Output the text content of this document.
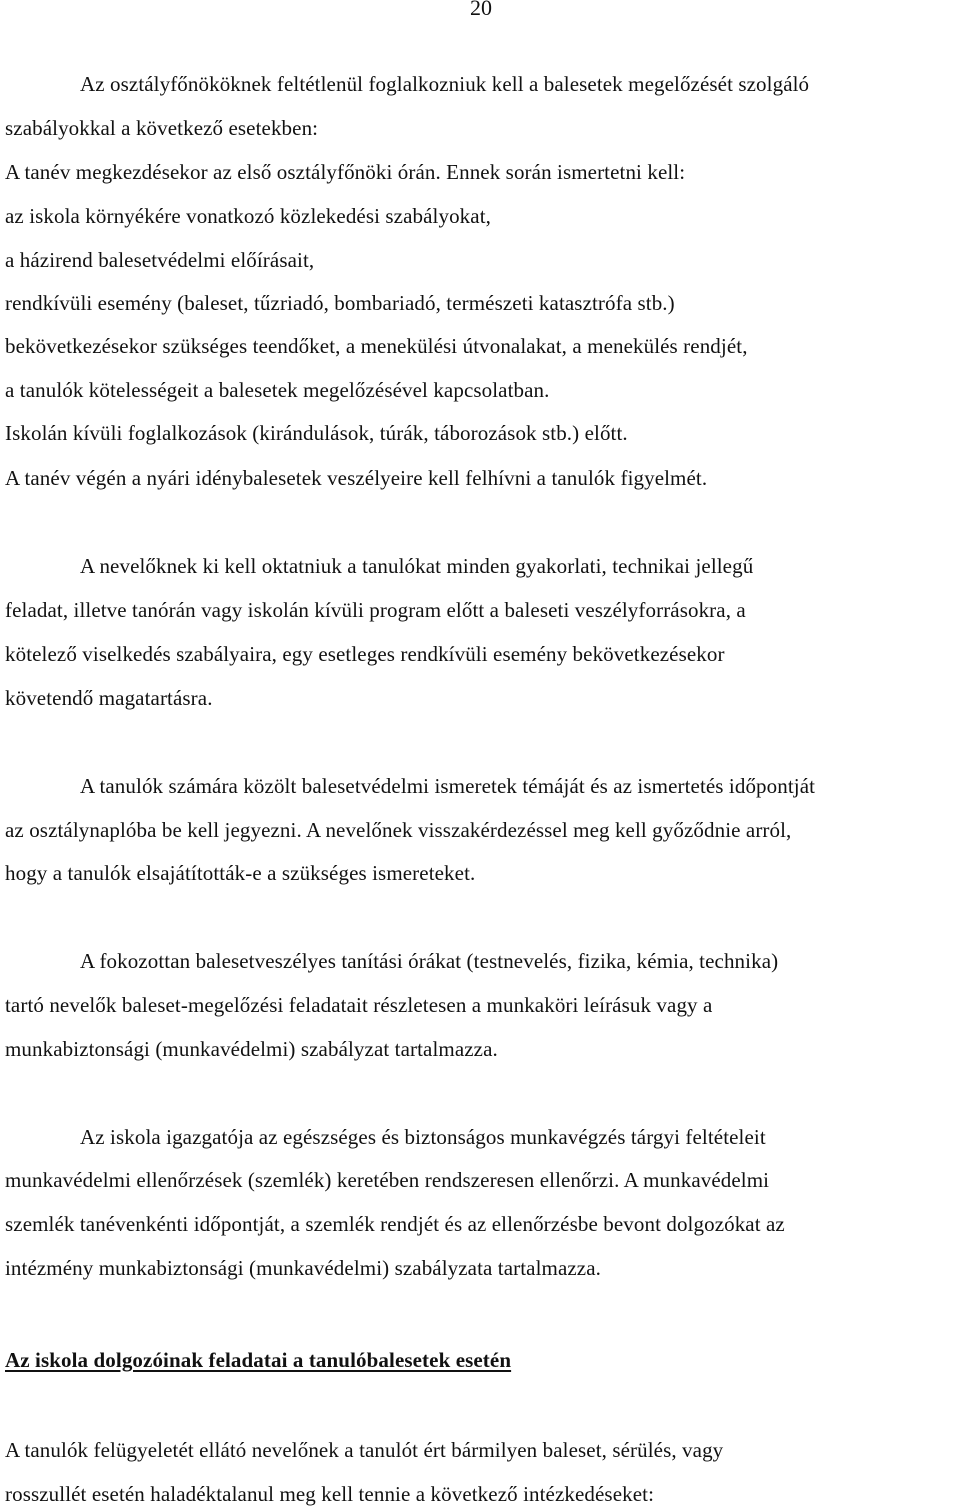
20
Az osztályfőnököknek feltétlenül foglalkozniuk kell a balesetek megelőzését szolgáló
szabályokkal a következő esetekben:
A tanév megkezdésekor az első osztályfőnöki órán. Ennek során ismertetni kell:
az iskola környékére vonatkozó közlekedési szabályokat,
a házirend balesetvédelmi előírásait,
rendkívüli esemény (baleset, tűzriadó, bombariadó, természeti katasztrófa stb.)
bekövetkezésekor szükséges teendőket, a menekülési útvonalakat, a menekülés rendjét,
a tanulók kötelességeit a balesetek megelőzésével kapcsolatban.
Iskolán kívüli foglalkozások (kirándulások, túrák, táborozások stb.) előtt.
A tanév végén a nyári idénybalesetek veszélyeire kell felhívni a tanulók figyelmét.
A nevelőknek ki kell oktatniuk a tanulókat minden gyakorlati, technikai jellegű
feladat, illetve tanórán vagy iskolán kívüli program előtt a baleseti veszélyforrásokra, a
kötelező viselkedés szabályaira, egy esetleges rendkívüli esemény bekövetkezésekor
követendő magatartásra.
A tanulók számára közölt balesetvédelmi ismeretek témáját és az ismertetés időpontját
az osztálynaplóba be kell jegyezni. A nevelőnek visszakérdezéssel meg kell győződnie arról,
hogy a tanulók elsajátították-e a szükséges ismereteket.
A fokozottan balesetveszélyes tanítási órákat (testnevelés, fizika, kémia, technika)
tartó nevelők baleset-megelőzési feladatait részletesen a munkaköri leírásuk vagy a
munkabiztonsági (munkavédelmi) szabályzat tartalmazza.
Az iskola igazgatója az egészséges és biztonságos munkavégzés tárgyi feltételeit
munkavédelmi ellenőrzések (szemlék) keretében rendszeresen ellenőrzi. A munkavédelmi
szemlék tanévenkénti időpontját, a szemlék rendjét és az ellenőrzésbe bevont dolgozókat az
intézmény munkabiztonsági (munkavédelmi) szabályzata tartalmazza.
Az iskola dolgozóinak feladatai a tanulóbalesetek esetén
A tanulók felügyeletét ellátó nevelőnek a tanulót ért bármilyen baleset, sérülés, vagy
rosszullét esetén haladéktalanul meg kell tennie a következő intézkedéseket:
